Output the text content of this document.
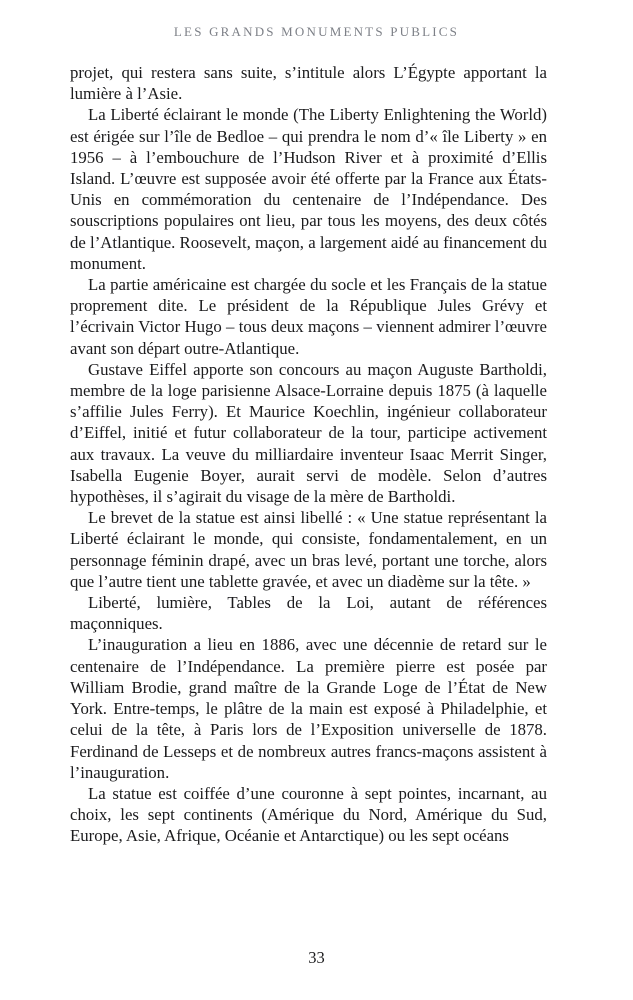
LES GRANDS MONUMENTS PUBLICS

projet, qui restera sans suite, s’intitule alors L’Égypte apportant la lumière à l’Asie.

La Liberté éclairant le monde (The Liberty Enlightening the World) est érigée sur l’île de Bedloe – qui prendra le nom d’« île Liberty » en 1956 – à l’embouchure de l’Hudson River et à proximité d’Ellis Island. L’œuvre est supposée avoir été offerte par la France aux États-Unis en commémoration du centenaire de l’Indépendance. Des souscriptions populaires ont lieu, par tous les moyens, des deux côtés de l’Atlantique. Roosevelt, maçon, a largement aidé au financement du monument.

La partie américaine est chargée du socle et les Français de la statue proprement dite. Le président de la République Jules Grévy et l’écrivain Victor Hugo – tous deux maçons – viennent admirer l’œuvre avant son départ outre-Atlantique.

Gustave Eiffel apporte son concours au maçon Auguste Bartholdi, membre de la loge parisienne Alsace-Lorraine depuis 1875 (à laquelle s’affilie Jules Ferry). Et Maurice Koechlin, ingénieur collaborateur d’Eiffel, initié et futur collaborateur de la tour, participe activement aux travaux. La veuve du milliardaire inventeur Isaac Merrit Singer, Isabella Eugenie Boyer, aurait servi de modèle. Selon d’autres hypothèses, il s’agirait du visage de la mère de Bartholdi.

Le brevet de la statue est ainsi libellé : « Une statue représentant la Liberté éclairant le monde, qui consiste, fondamentalement, en un personnage féminin drapé, avec un bras levé, portant une torche, alors que l’autre tient une tablette gravée, et avec un diadème sur la tête. »

Liberté, lumière, Tables de la Loi, autant de références maçonniques.

L’inauguration a lieu en 1886, avec une décennie de retard sur le centenaire de l’Indépendance. La première pierre est posée par William Brodie, grand maître de la Grande Loge de l’État de New York. Entre-temps, le plâtre de la main est exposé à Philadelphie, et celui de la tête, à Paris lors de l’Exposition universelle de 1878. Ferdinand de Lesseps et de nombreux autres francs-maçons assistent à l’inauguration.

La statue est coiffée d’une couronne à sept pointes, incarnant, au choix, les sept continents (Amérique du Nord, Amérique du Sud, Europe, Asie, Afrique, Océanie et Antarctique) ou les sept océans

33
